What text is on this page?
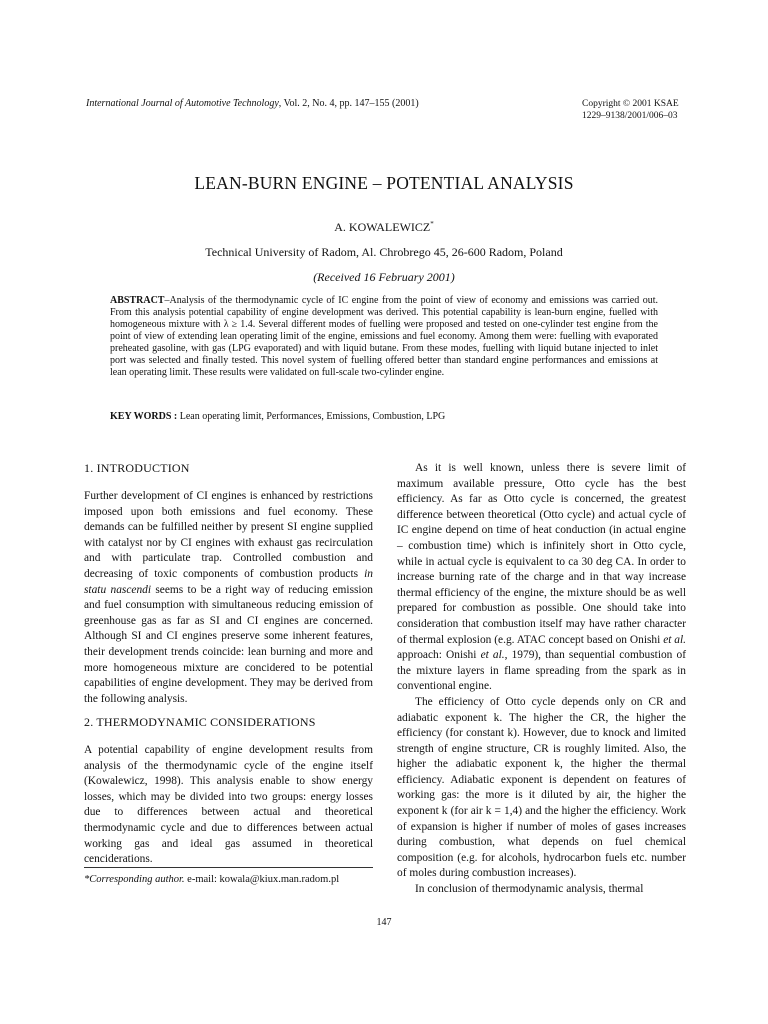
International Journal of Automotive Technology, Vol. 2, No. 4, pp. 147–155 (2001)	Copyright © 2001 KSAE
1229–9138/2001/006–03
LEAN-BURN ENGINE – POTENTIAL ANALYSIS
A. KOWALEWICZ*
Technical University of Radom, Al. Chrobrego 45, 26-600 Radom, Poland
(Received 16 February 2001)
ABSTRACT–Analysis of the thermodynamic cycle of IC engine from the point of view of economy and emissions was carried out. From this analysis potential capability of engine development was derived. This potential capability is lean-burn engine, fuelled with homogeneous mixture with λ ≥ 1.4. Several different modes of fuelling were proposed and tested on one-cylinder test engine from the point of view of extending lean operating limit of the engine, emissions and fuel economy. Among them were: fuelling with evaporated preheated gasoline, with gas (LPG evaporated) and with liquid butane. From these modes, fuelling with liquid butane injected to inlet port was selected and finally tested. This novel system of fuelling offered better than standard engine performances and emissions at lean operating limit. These results were validated on full-scale two-cylinder engine.
KEY WORDS : Lean operating limit, Performances, Emissions, Combustion, LPG
1. INTRODUCTION

Further development of CI engines is enhanced by restrictions imposed upon both emissions and fuel economy. These demands can be fulfilled neither by present SI engine supplied with catalyst nor by CI engines with exhaust gas recirculation and with particulate trap. Controlled combustion and decreasing of toxic components of combustion products in statu nascendi seems to be a right way of reducing emission and fuel consumption with simultaneous reducing emission of greenhouse gas as far as SI and CI engines are concerned. Although SI and CI engines preserve some inherent features, their development trends coincide: lean burning and more and more homogeneous mixture are concidered to be potential capabilities of engine development. They may be derived from the following analysis.

2. THERMODYNAMIC CONSIDERATIONS

A potential capability of engine development results from analysis of the thermodynamic cycle of the engine itself (Kowalewicz, 1998). This analysis enable to show energy losses, which may be divided into two groups: energy losses due to differences between actual and theoretical thermodynamic cycle and due to differences between actual working gas and ideal gas assumed in theoretical cenciderations.

As it is well known, unless there is severe limit of maximum available pressure, Otto cycle has the best efficiency. As far as Otto cycle is concerned, the greatest difference between theoretical (Otto cycle) and actual cycle of IC engine depend on time of heat conduction (in actual engine – combustion time) which is infinitely short in Otto cycle, while in actual cycle is equivalent to ca 30 deg CA. In order to increase burning rate of the charge and in that way increase thermal efficiency of the engine, the mixture should be as well prepared for combustion as possible. One should take into consideration that combustion itself may have rather character of thermal explosion (e.g. ATAC concept based on Onishi et al. approach: Onishi et al., 1979), than sequential combustion of the mixture layers in flame spreading from the spark as in conventional engine.

The efficiency of Otto cycle depends only on CR and adiabatic exponent k. The higher the CR, the higher the efficiency (for constant k). However, due to knock and limited strength of engine structure, CR is roughly limited. Also, the higher the adiabatic exponent k, the higher the thermal efficiency. Adiabatic exponent is dependent on features of working gas: the more is it diluted by air, the higher the exponent k (for air k = 1,4) and the higher the efficiency. Work of expansion is higher if number of moles of gases increases during combustion, what depends on fuel chemical composition (e.g. for alcohols, hydrocarbon fuels etc. number of moles during combustion increases).

In conclusion of thermodynamic analysis, thermal

*Corresponding author. e-mail: kowala@kiux.man.radom.pl
147
